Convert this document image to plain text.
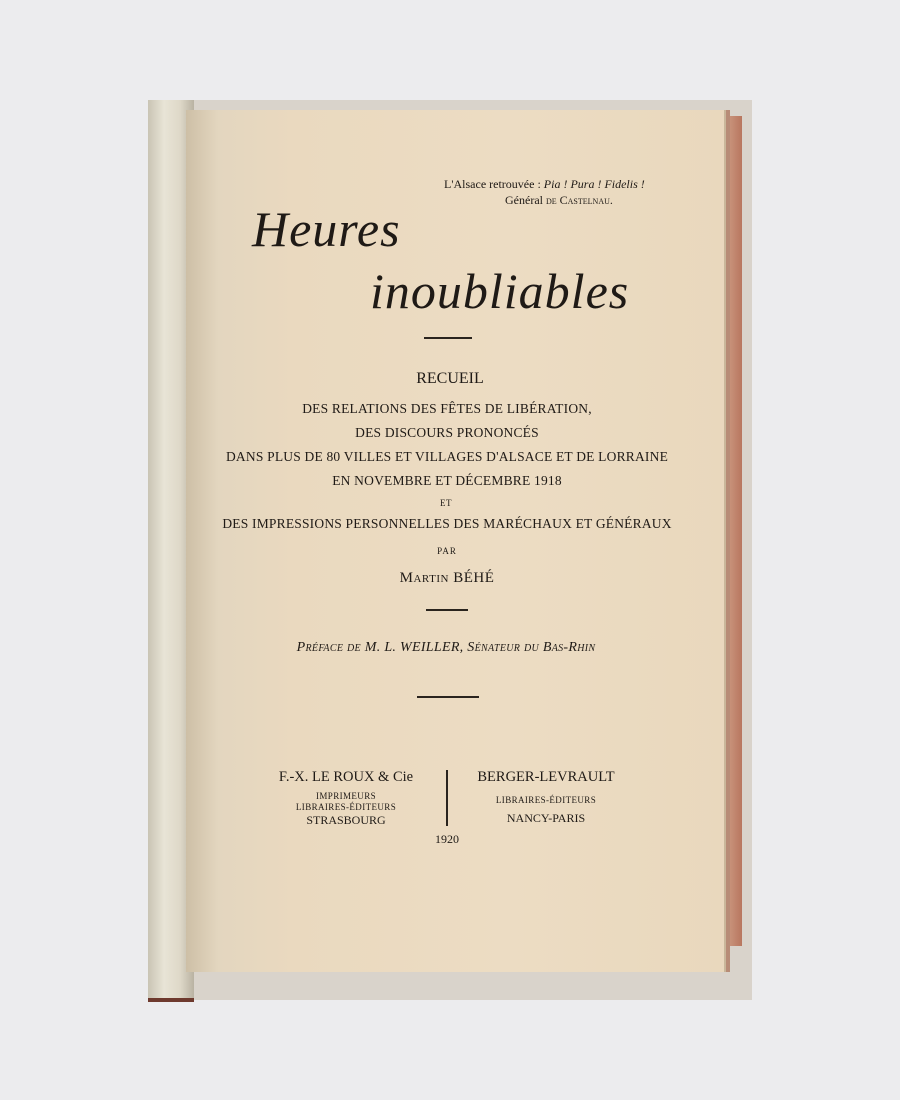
L'Alsace retrouvée : Pia ! Pura ! Fidelis !
Général de Castelnau.
Heures
inoubliables
RECUEIL
DES RELATIONS DES FÊTES DE LIBÉRATION,
DES DISCOURS PRONONCÉS
DANS PLUS DE 80 VILLES ET VILLAGES D'ALSACE ET DE LORRAINE
EN NOVEMBRE ET DÉCEMBRE 1918
ET
DES IMPRESSIONS PERSONNELLES DES MARÉCHAUX ET GÉNÉRAUX
PAR
Martin BÉHÉ
Préface de M. L. WEILLER, Sénateur du Bas-Rhin
F.-X. LE ROUX & Cie
IMPRIMEURS
LIBRAIRES-ÉDITEURS
STRASBOURG
BERGER-LEVRAULT
LIBRAIRES-ÉDITEURS
NANCY-PARIS
1920
